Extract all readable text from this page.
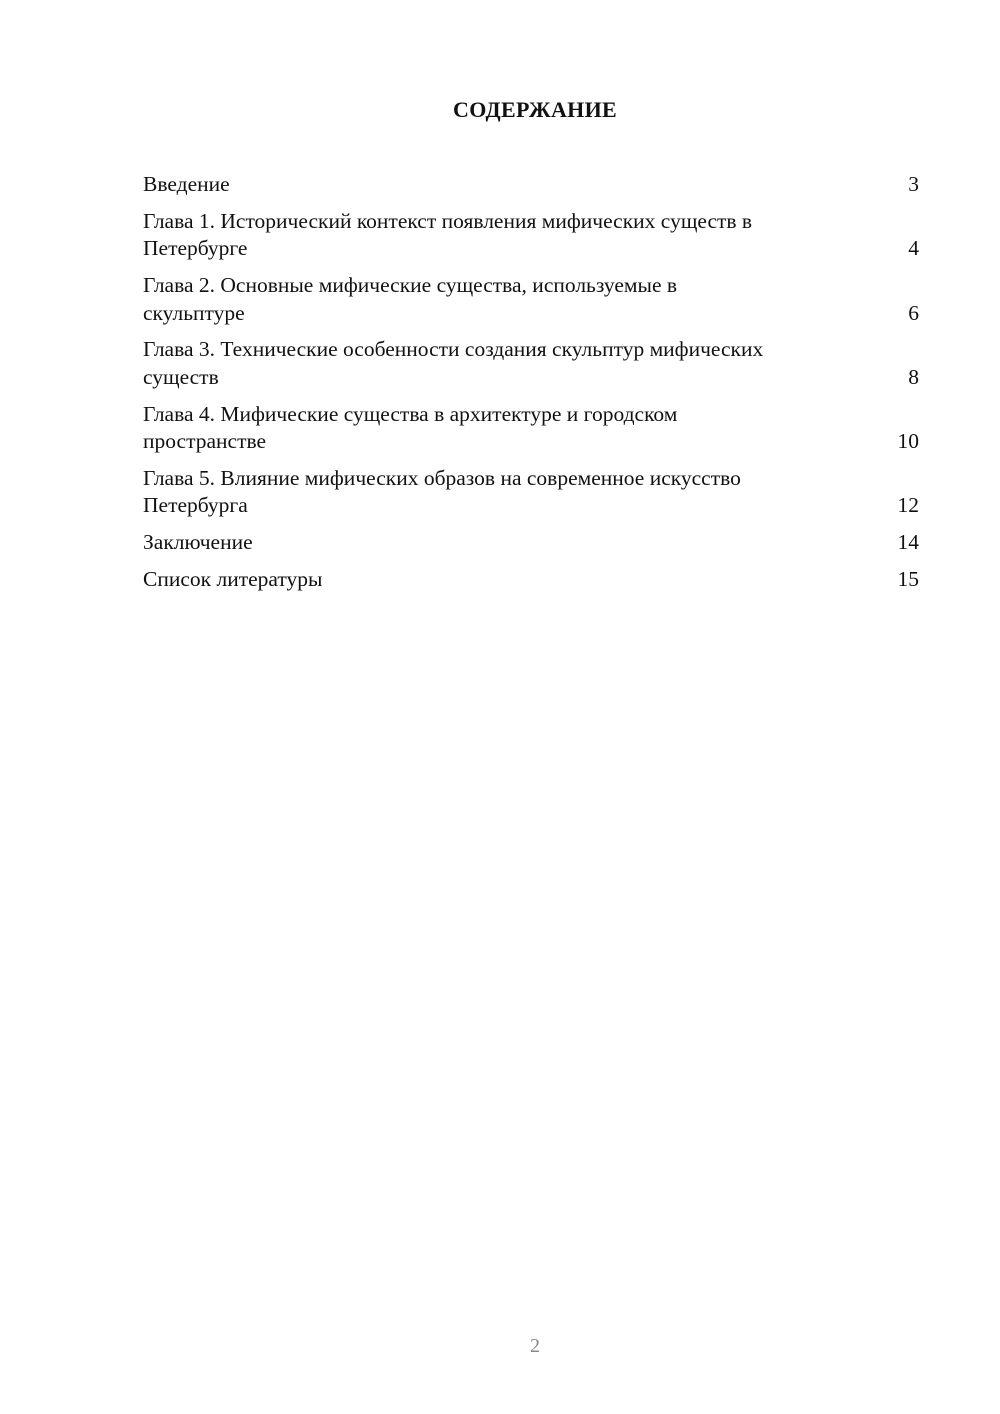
СОДЕРЖАНИЕ
Введение	3
Глава 1. Исторический контекст появления мифических существ в Петербурге	4
Глава 2. Основные мифические существа, используемые в скульптуре	6
Глава 3. Технические особенности создания скульптур мифических существ	8
Глава 4. Мифические существа в архитектуре и городском пространстве	10
Глава 5. Влияние мифических образов на современное искусство Петербурга	12
Заключение	14
Список литературы	15
2
